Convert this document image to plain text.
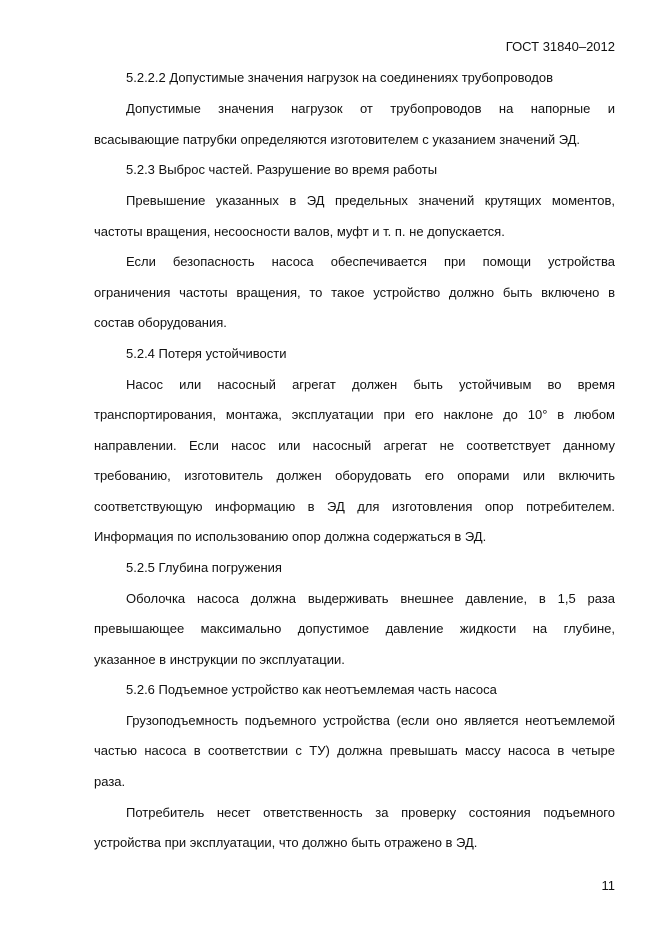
ГОСТ 31840–2012
5.2.2.2 Допустимые значения нагрузок на соединениях трубопроводов
Допустимые значения нагрузок от трубопроводов на напорные и
всасывающие патрубки определяются изготовителем с указанием значений ЭД.
5.2.3 Выброс частей. Разрушение во время работы
Превышение указанных в ЭД предельных значений крутящих моментов,
частоты вращения, несоосности валов, муфт и т. п. не допускается.
Если безопасность насоса обеспечивается при помощи устройства
ограничения частоты вращения, то такое устройство должно быть включено в
состав оборудования.
5.2.4 Потеря устойчивости
Насос или насосный агрегат должен быть устойчивым во время
транспортирования, монтажа, эксплуатации при его наклоне до 10° в любом
направлении. Если насос или насосный агрегат не соответствует данному
требованию, изготовитель должен оборудовать его опорами или включить
соответствующую информацию в ЭД для изготовления опор потребителем.
Информация по использованию опор должна содержаться в ЭД.
5.2.5 Глубина погружения
Оболочка насоса должна выдерживать внешнее давление, в 1,5 раза
превышающее максимально допустимое давление жидкости на глубине,
указанное в инструкции по эксплуатации.
5.2.6 Подъемное устройство как неотъемлемая часть насоса
Грузоподъемность подъемного устройства (если оно является неотъемлемой
частью насоса в соответствии с ТУ) должна превышать массу насоса в четыре
раза.
Потребитель несет ответственность за проверку состояния подъемного
устройства при эксплуатации, что должно быть отражено в ЭД.
11
